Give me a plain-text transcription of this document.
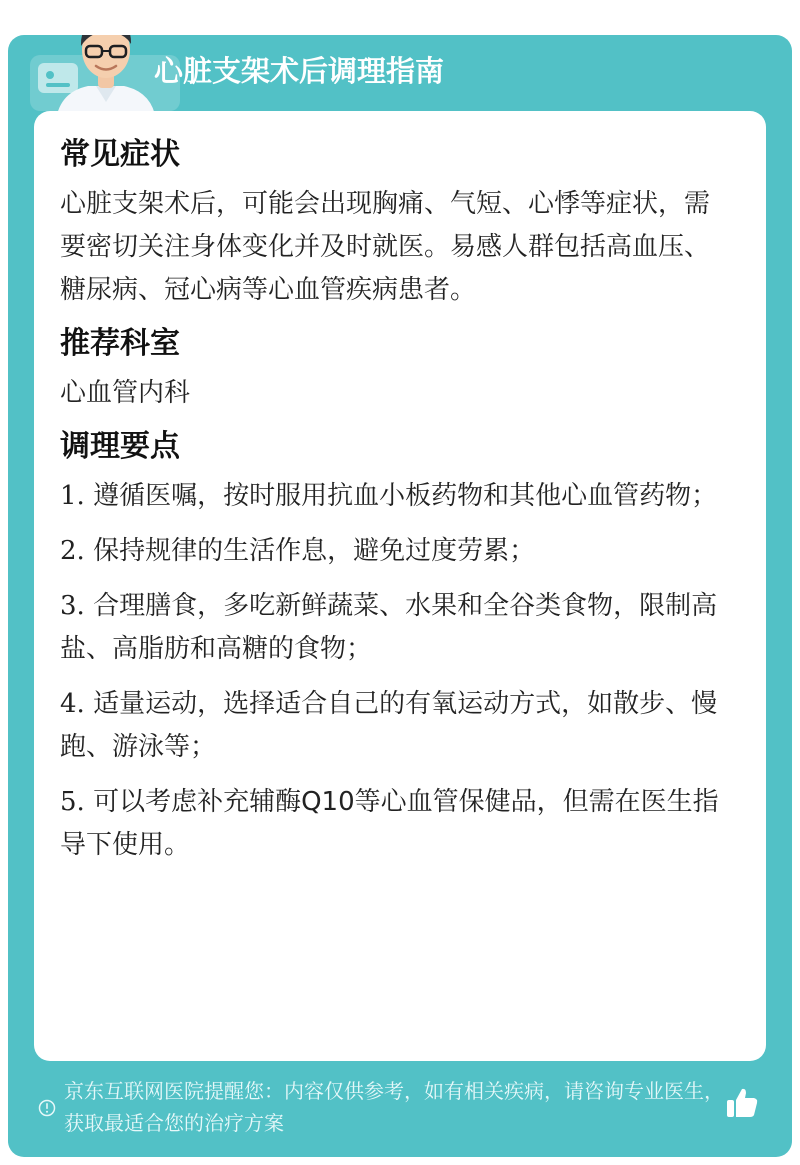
心脏支架术后调理指南
常见症状
心脏支架术后，可能会出现胸痛、气短、心悸等症状，需要密切关注身体变化并及时就医。易感人群包括高血压、糖尿病、冠心病等心血管疾病患者。
推荐科室
心血管内科
调理要点
1. 遵循医嘱，按时服用抗血小板药物和其他心血管药物；
2. 保持规律的生活作息，避免过度劳累；
3. 合理膳食，多吃新鲜蔬菜、水果和全谷类食物，限制高盐、高脂肪和高糖的食物；
4. 适量运动，选择适合自己的有氧运动方式，如散步、慢跑、游泳等；
5. 可以考虑补充辅酶Q10等心血管保健品，但需在医生指导下使用。
京东互联网医院提醒您：内容仅供参考，如有相关疾病，请咨询专业医生，获取最适合您的治疗方案
